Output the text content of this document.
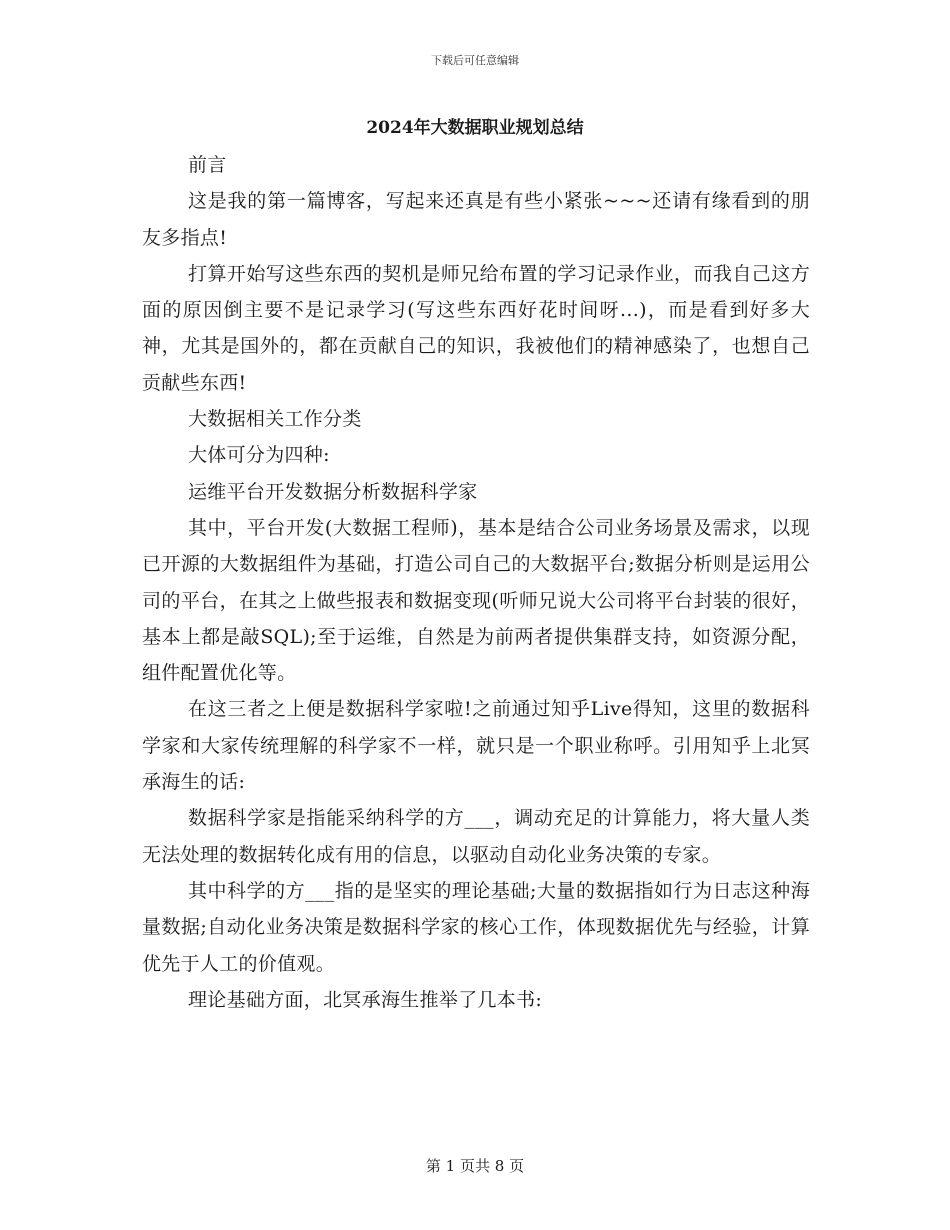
下载后可任意编辑
2024年大数据职业规划总结

前言

这是我的第一篇博客，写起来还真是有些小紧张~~~还请有缘看到的朋友多指点!

打算开始写这些东西的契机是师兄给布置的学习记录作业，而我自己这方面的原因倒主要不是记录学习(写这些东西好花时间呀...)，而是看到好多大神，尤其是国外的，都在贡献自己的知识，我被他们的精神感染了，也想自己贡献些东西!

大数据相关工作分类

大体可分为四种:

运维平台开发数据分析数据科学家

其中，平台开发(大数据工程师)，基本是结合公司业务场景及需求，以现已开源的大数据组件为基础，打造公司自己的大数据平台;数据分析则是运用公司的平台，在其之上做些报表和数据变现(听师兄说大公司将平台封装的很好，基本上都是敲SQL);至于运维，自然是为前两者提供集群支持，如资源分配，组件配置优化等。

在这三者之上便是数据科学家啦!之前通过知乎Live得知，这里的数据科学家和大家传统理解的科学家不一样，就只是一个职业称呼。引用知乎上北冥承海生的话:

数据科学家是指能采纳科学的方___，调动充足的计算能力，将大量人类无法处理的数据转化成有用的信息，以驱动自动化业务决策的专家。

其中科学的方___指的是坚实的理论基础;大量的数据指如行为日志这种海量数据;自动化业务决策是数据科学家的核心工作，体现数据优先与经验，计算优先于人工的价值观。

理论基础方面，北冥承海生推举了几本书:

第 1 页共 8 页
